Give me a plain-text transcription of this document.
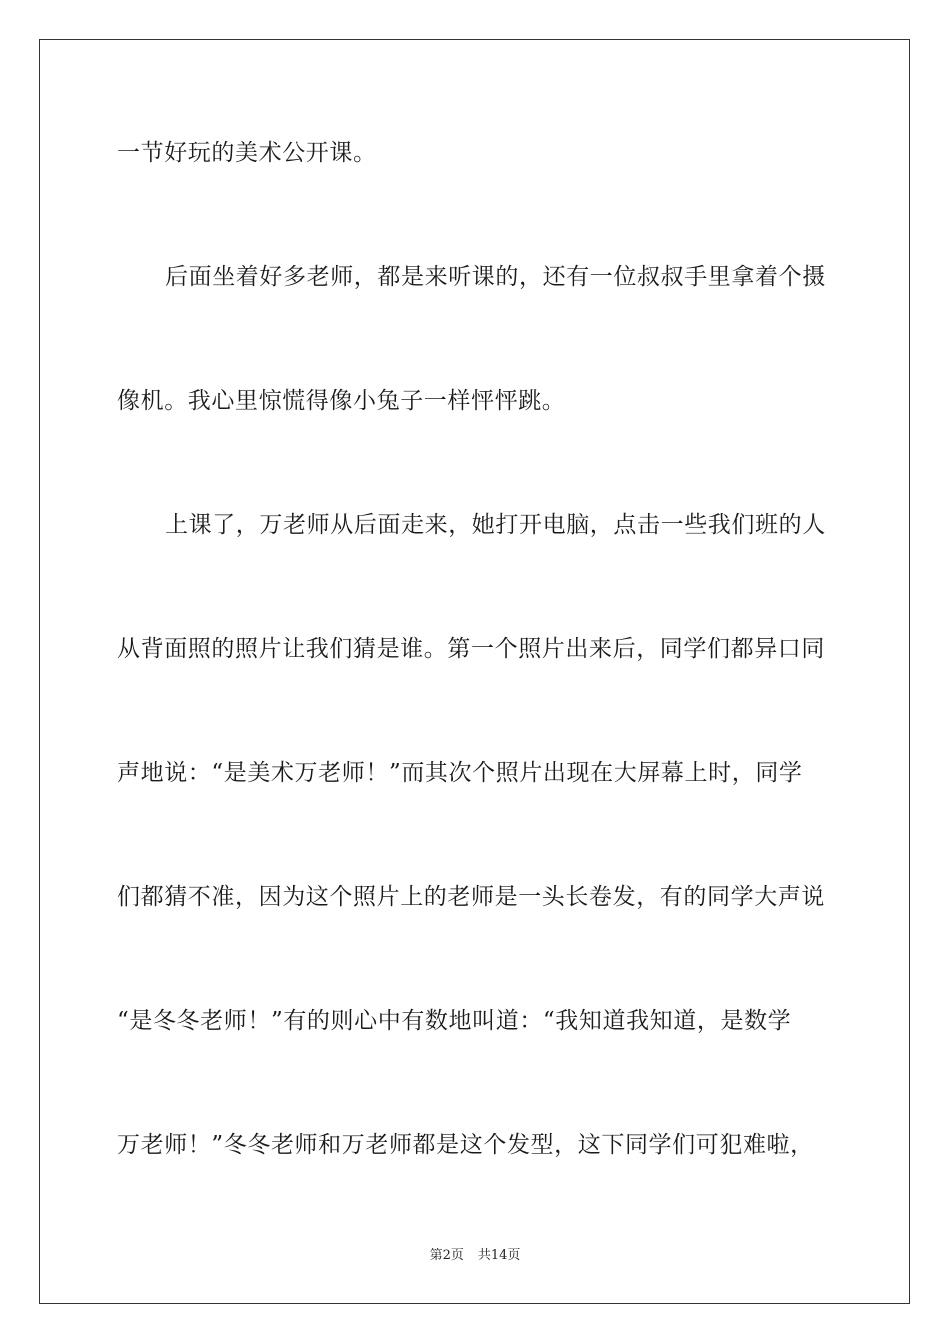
一节好玩的美术公开课。
后面坐着好多老师，都是来听课的，还有一位叔叔手里拿着个摄
像机。我心里惊慌得像小兔子一样怦怦跳。
上课了，万老师从后面走来，她打开电脑，点击一些我们班的人
从背面照的照片让我们猜是谁。第一个照片出来后，同学们都异口同
声地说：“是美术万老师！”而其次个照片出现在大屏幕上时，同学
们都猜不准，因为这个照片上的老师是一头长卷发，有的同学大声说
“是冬冬老师！”有的则心中有数地叫道：“我知道我知道，是数学
万老师！”冬冬老师和万老师都是这个发型，这下同学们可犯难啦，
第2页 共14页
